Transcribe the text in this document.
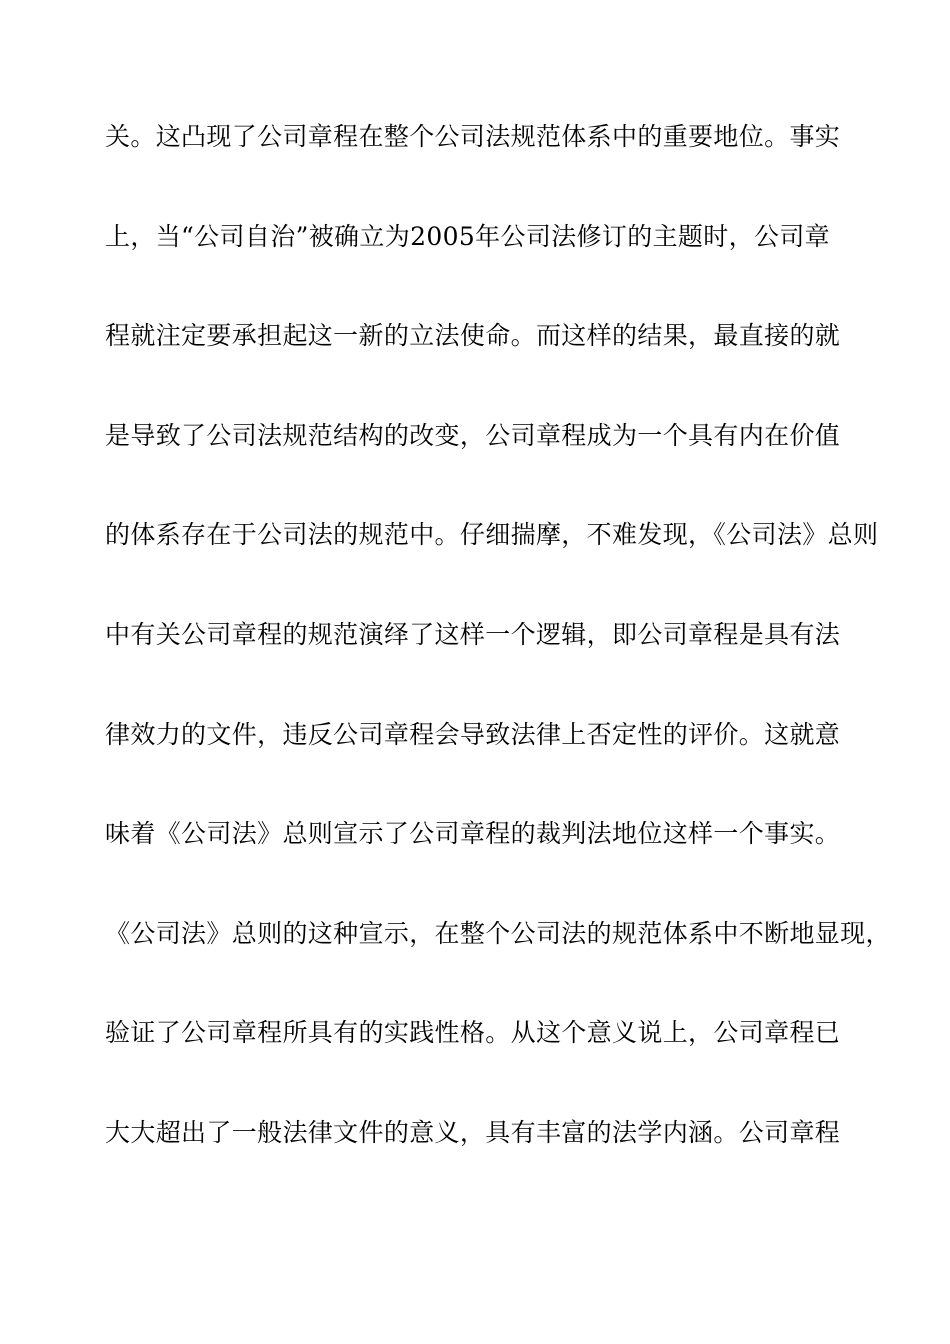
关。这凸现了公司章程在整个公司法规范体系中的重要地位。事实
上，当“公司自治”被确立为2005年公司法修订的主题时，公司章
程就注定要承担起这一新的立法使命。而这样的结果，最直接的就
是导致了公司法规范结构的改变，公司章程成为一个具有内在价值
的体系存在于公司法的规范中。仔细揣摩，不难发现，《公司法》总则
中有关公司章程的规范演绎了这样一个逻辑，即公司章程是具有法
律效力的文件，违反公司章程会导致法律上否定性的评价。这就意
味着《公司法》总则宣示了公司章程的裁判法地位这样一个事实。
《公司法》总则的这种宣示，在整个公司法的规范体系中不断地显现，
验证了公司章程所具有的实践性格。从这个意义说上，公司章程已
大大超出了一般法律文件的意义，具有丰富的法学内涵。公司章程
